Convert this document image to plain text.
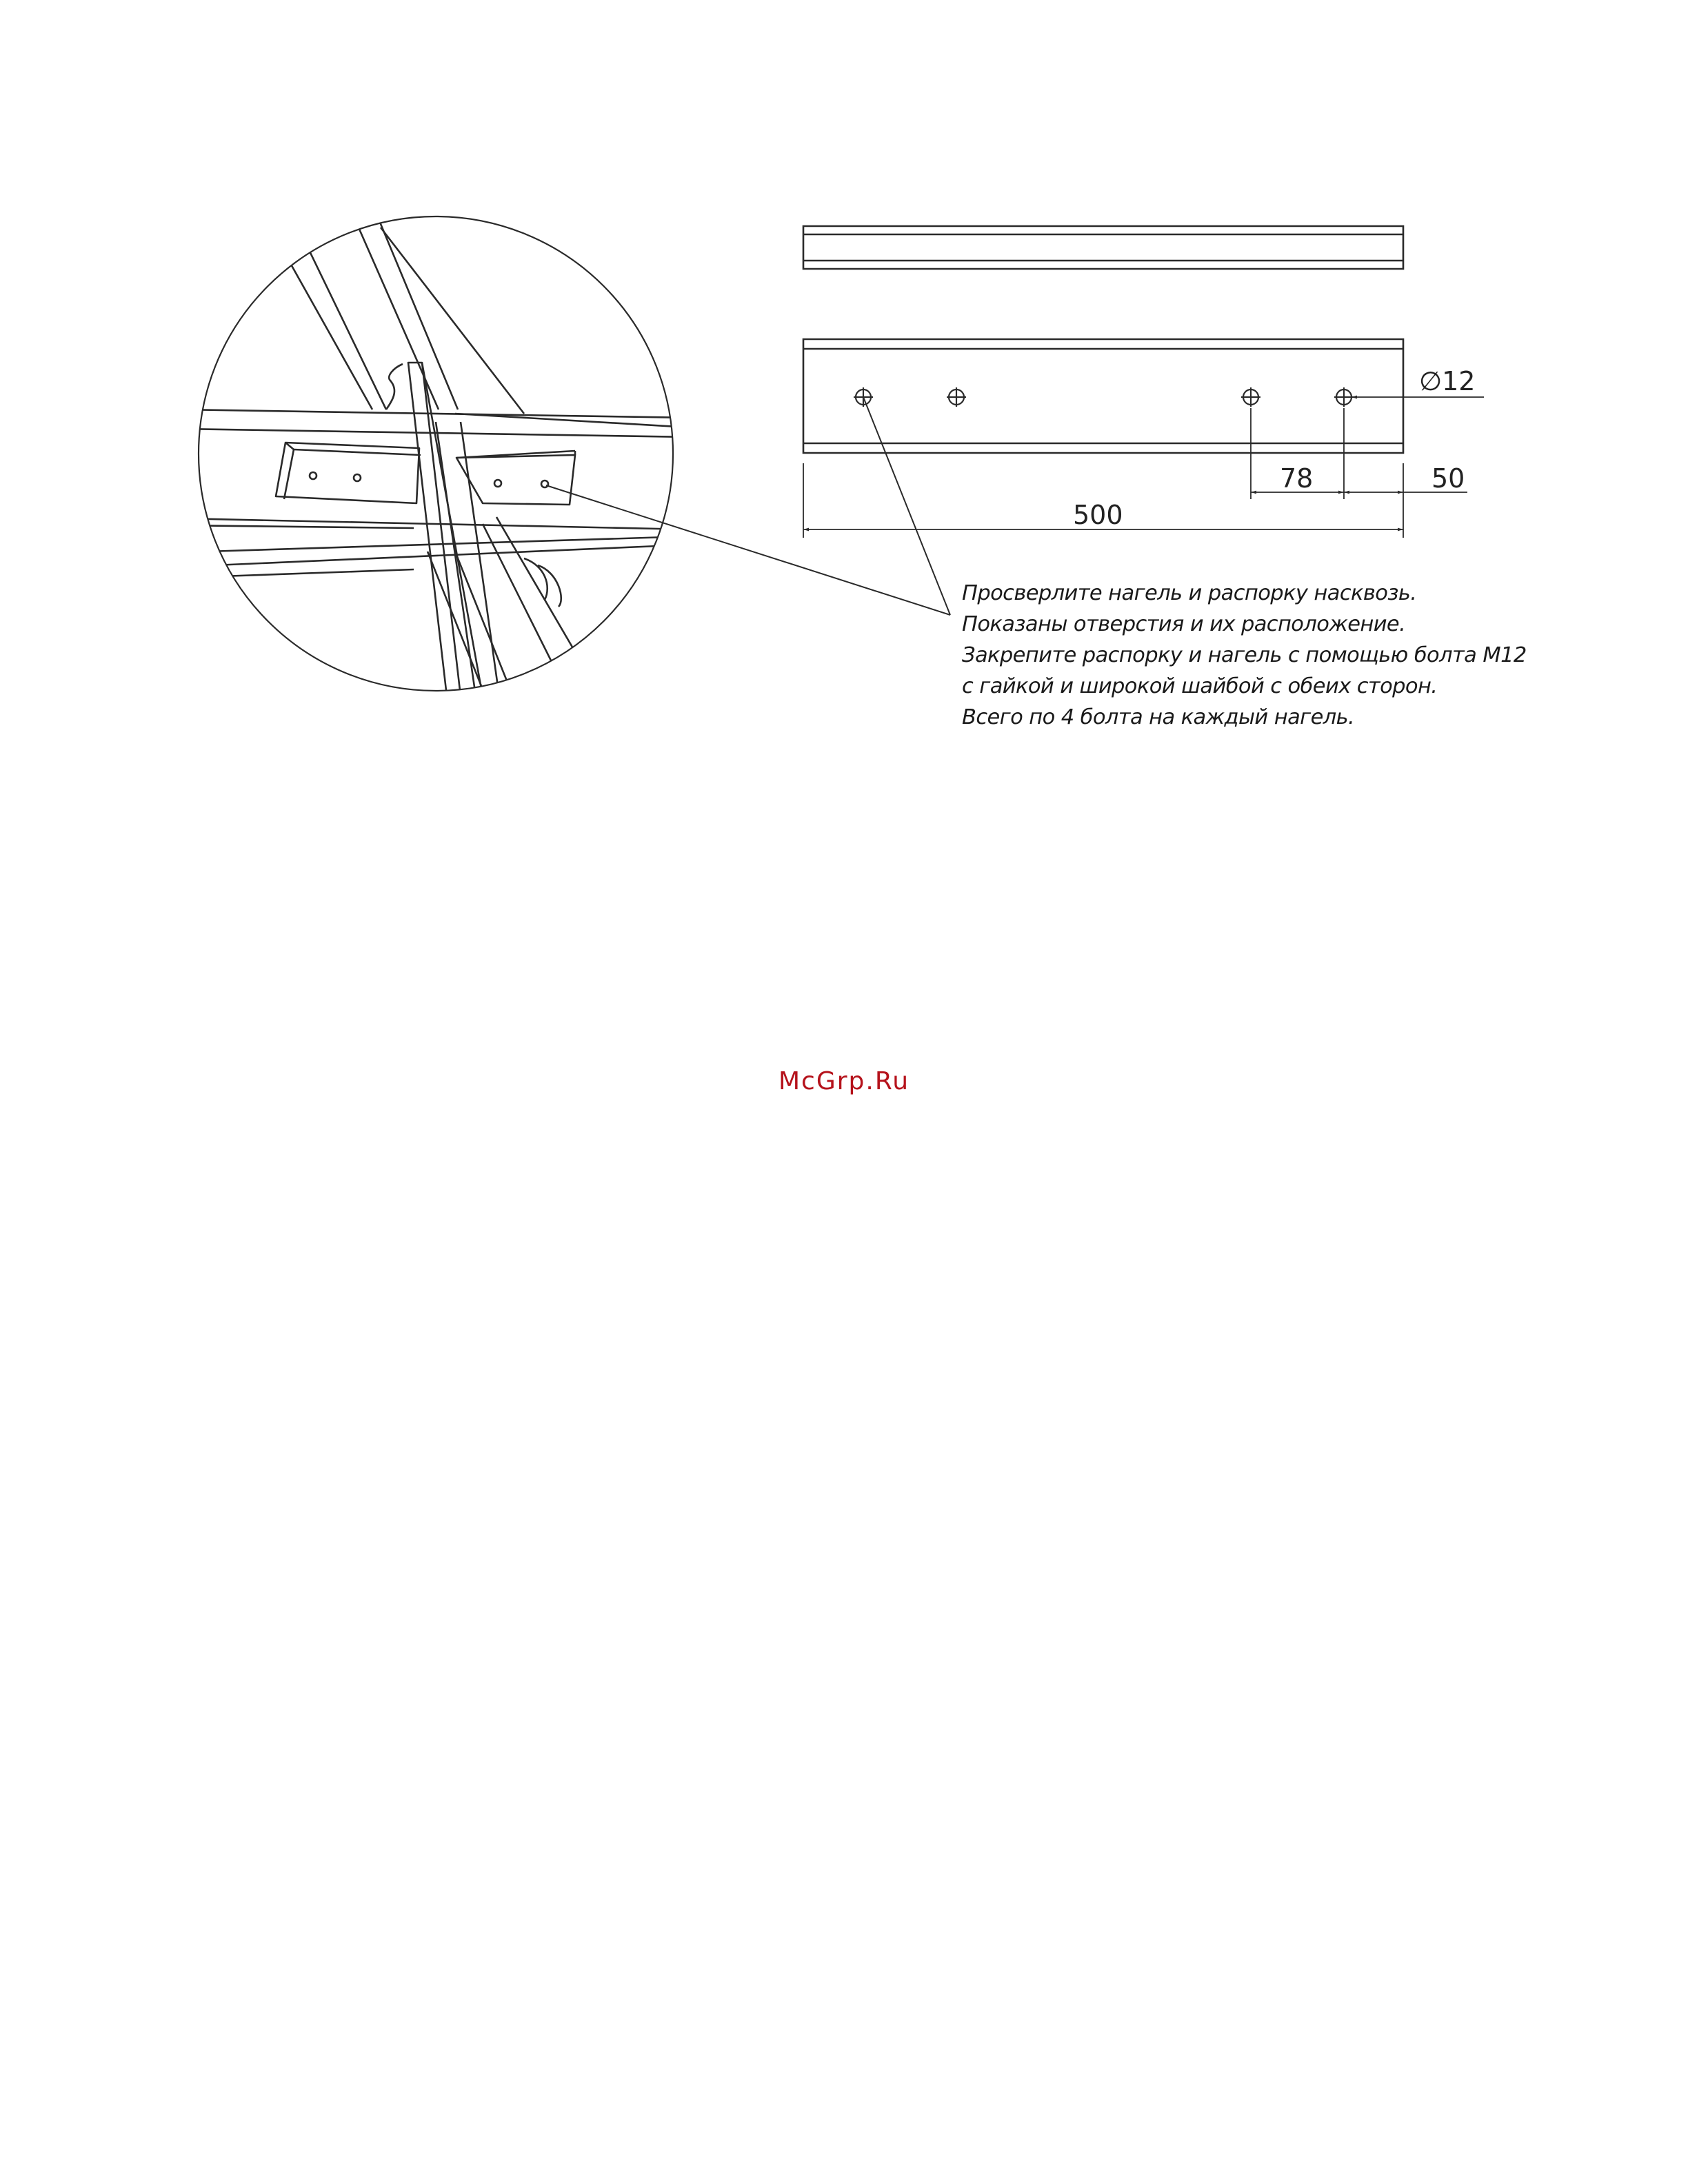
∅12
78	50
500
Просверлите нагель и распорку насквозь.
Показаны отверстия и их расположение.
Закрепите распорку и нагель с помощью болта М12
с гайкой и широкой шайбой с обеих сторон.
Всего по 4 болта на каждый нагель.
McGrp.Ru
